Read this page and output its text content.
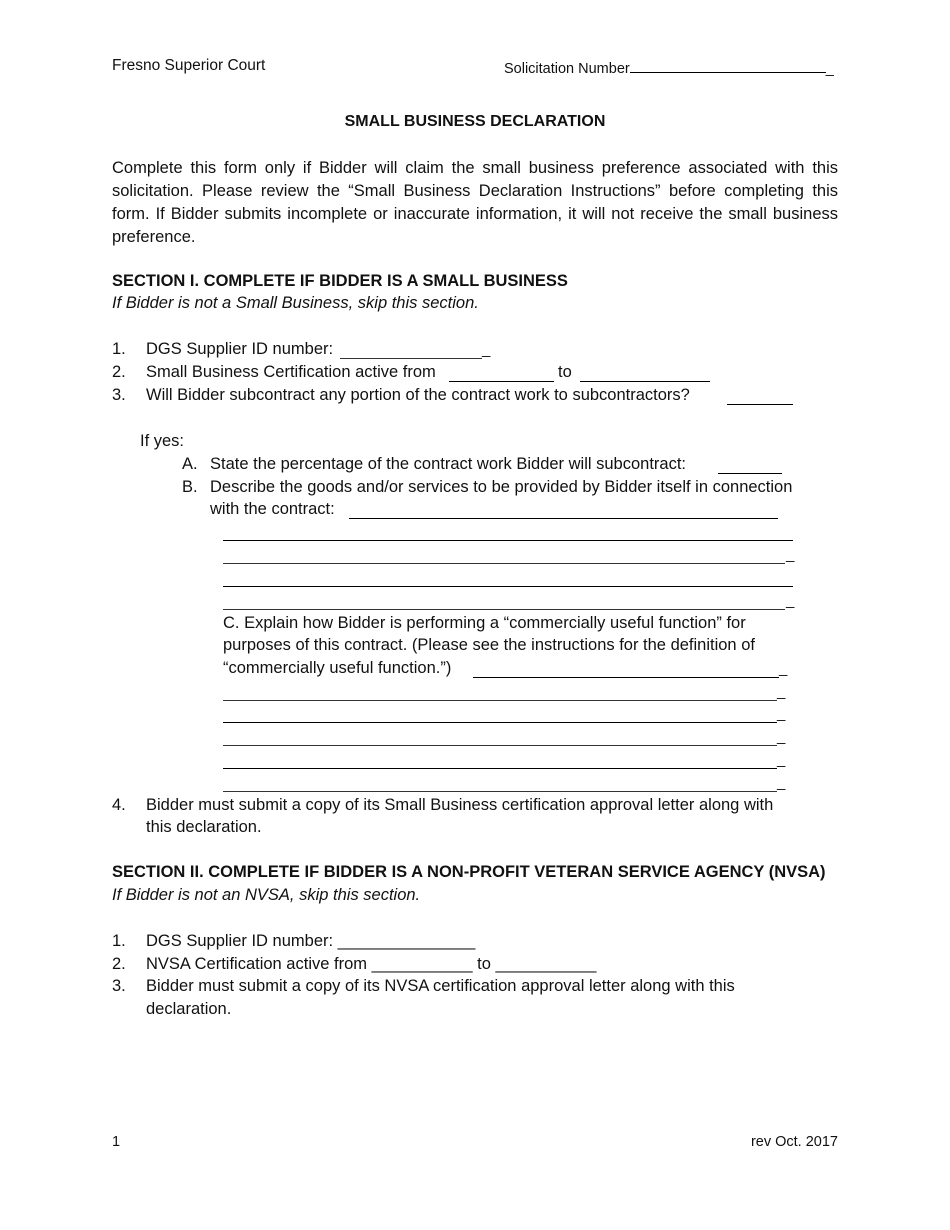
Fresno Superior Court	Solicitation Number	_
SMALL BUSINESS DECLARATION
Complete this form only if Bidder will claim the small business preference associated with this solicitation. Please review the “Small Business Declaration Instructions” before completing this form. If Bidder submits incomplete or inaccurate information, it will not receive the small business preference.
SECTION I. COMPLETE IF BIDDER IS A SMALL BUSINESS
If Bidder is not a Small Business, skip this section.
1. DGS Supplier ID number:	_
2. Small Business Certification active from	to
3. Will Bidder subcontract any portion of the contract work to subcontractors?
If yes:
A. State the percentage of the contract work Bidder will subcontract:
B. Describe the goods and/or services to be provided by Bidder itself in connection
with the contract:
_
_
C. Explain how Bidder is performing a “commercially useful function” for
purposes of this contract. (Please see the instructions for the definition of
“commercially useful function.”)	_
_
_
_
_
_
4. Bidder must submit a copy of its Small Business certification approval letter along with
this declaration.
SECTION II. COMPLETE IF BIDDER IS A NON-PROFIT VETERAN SERVICE AGENCY (NVSA)
If Bidder is not an NVSA, skip this section.
1. DGS Supplier ID number: _______________
2. NVSA Certification active from ___________ to ___________
3. Bidder must submit a copy of its NVSA certification approval letter along with this
declaration.
1	rev Oct. 2017
